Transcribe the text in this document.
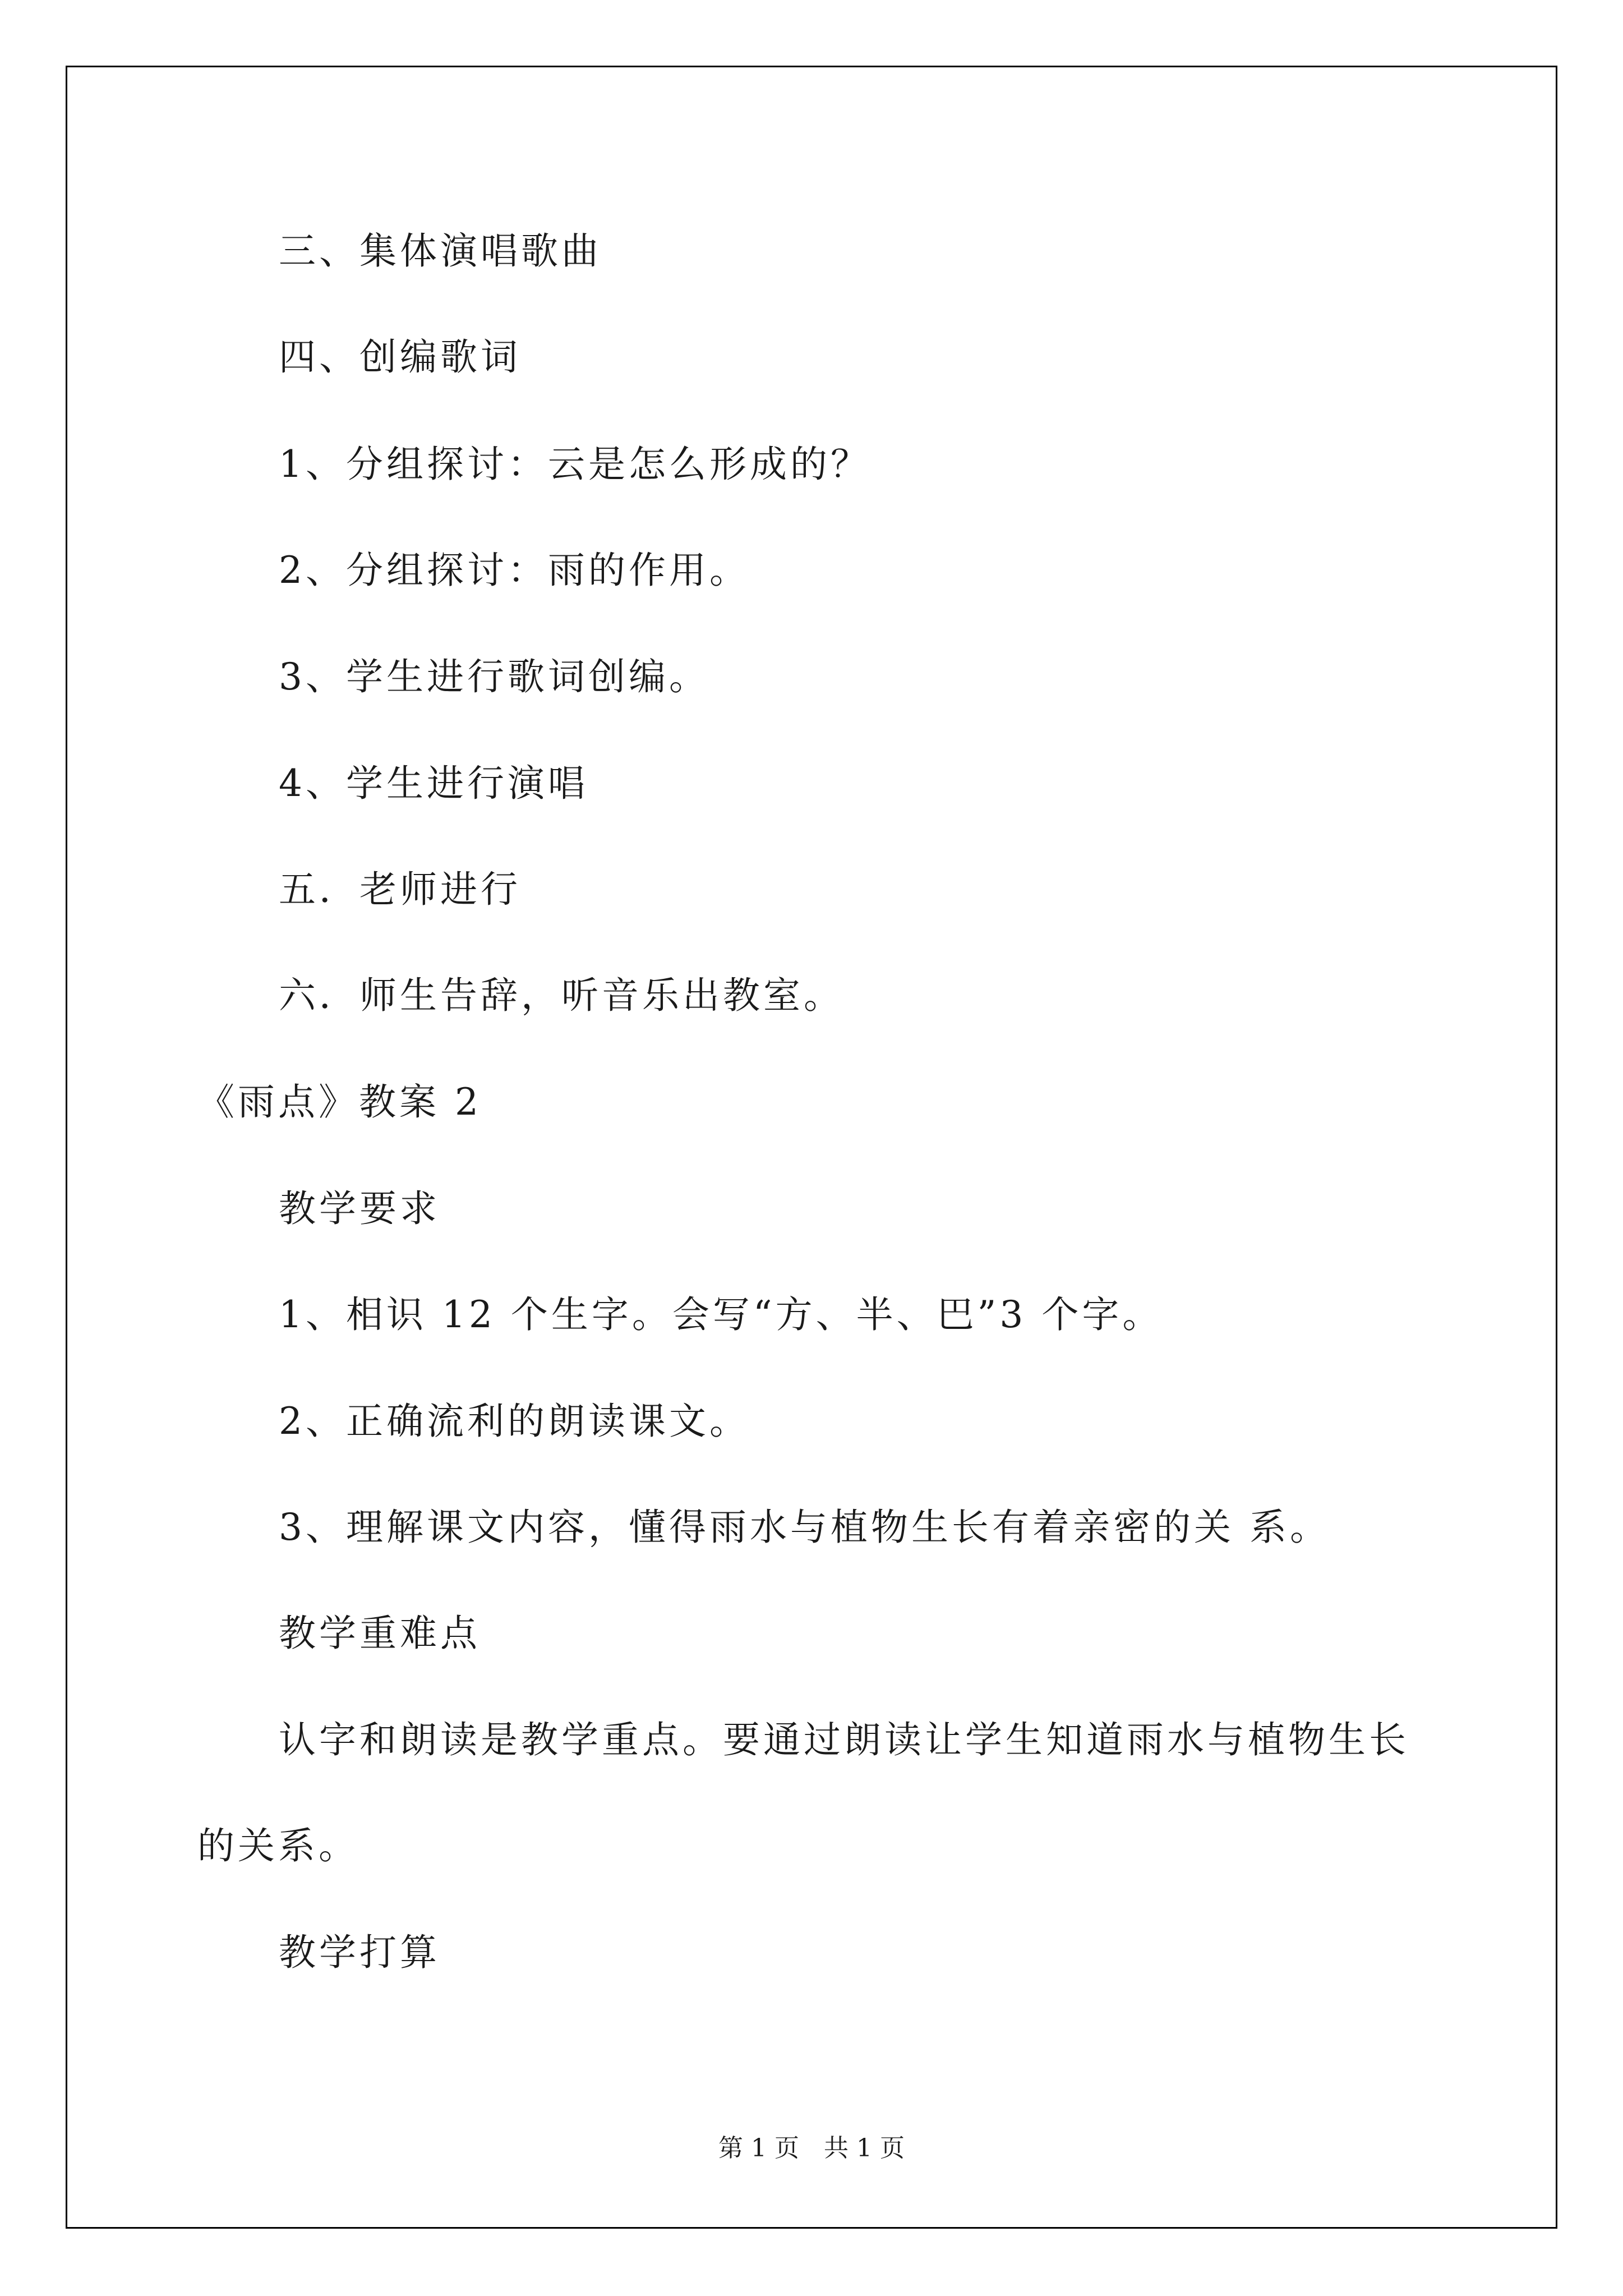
三、集体演唱歌曲
四、创编歌词
1、分组探讨：云是怎么形成的？
2、分组探讨：雨的作用。
3、学生进行歌词创编。
4、学生进行演唱
五．老师进行
六．师生告辞，听音乐出教室。
《雨点》教案 2
教学要求
1、相识 12 个生字。会写“方、半、巴”3 个字。
2、正确流利的朗读课文。
3、理解课文内容，懂得雨水与植物生长有着亲密的关 系。
教学重难点
认字和朗读是教学重点。要通过朗读让学生知道雨水与植物生长
的关系。
教学打算
第 1 页　共 1 页
